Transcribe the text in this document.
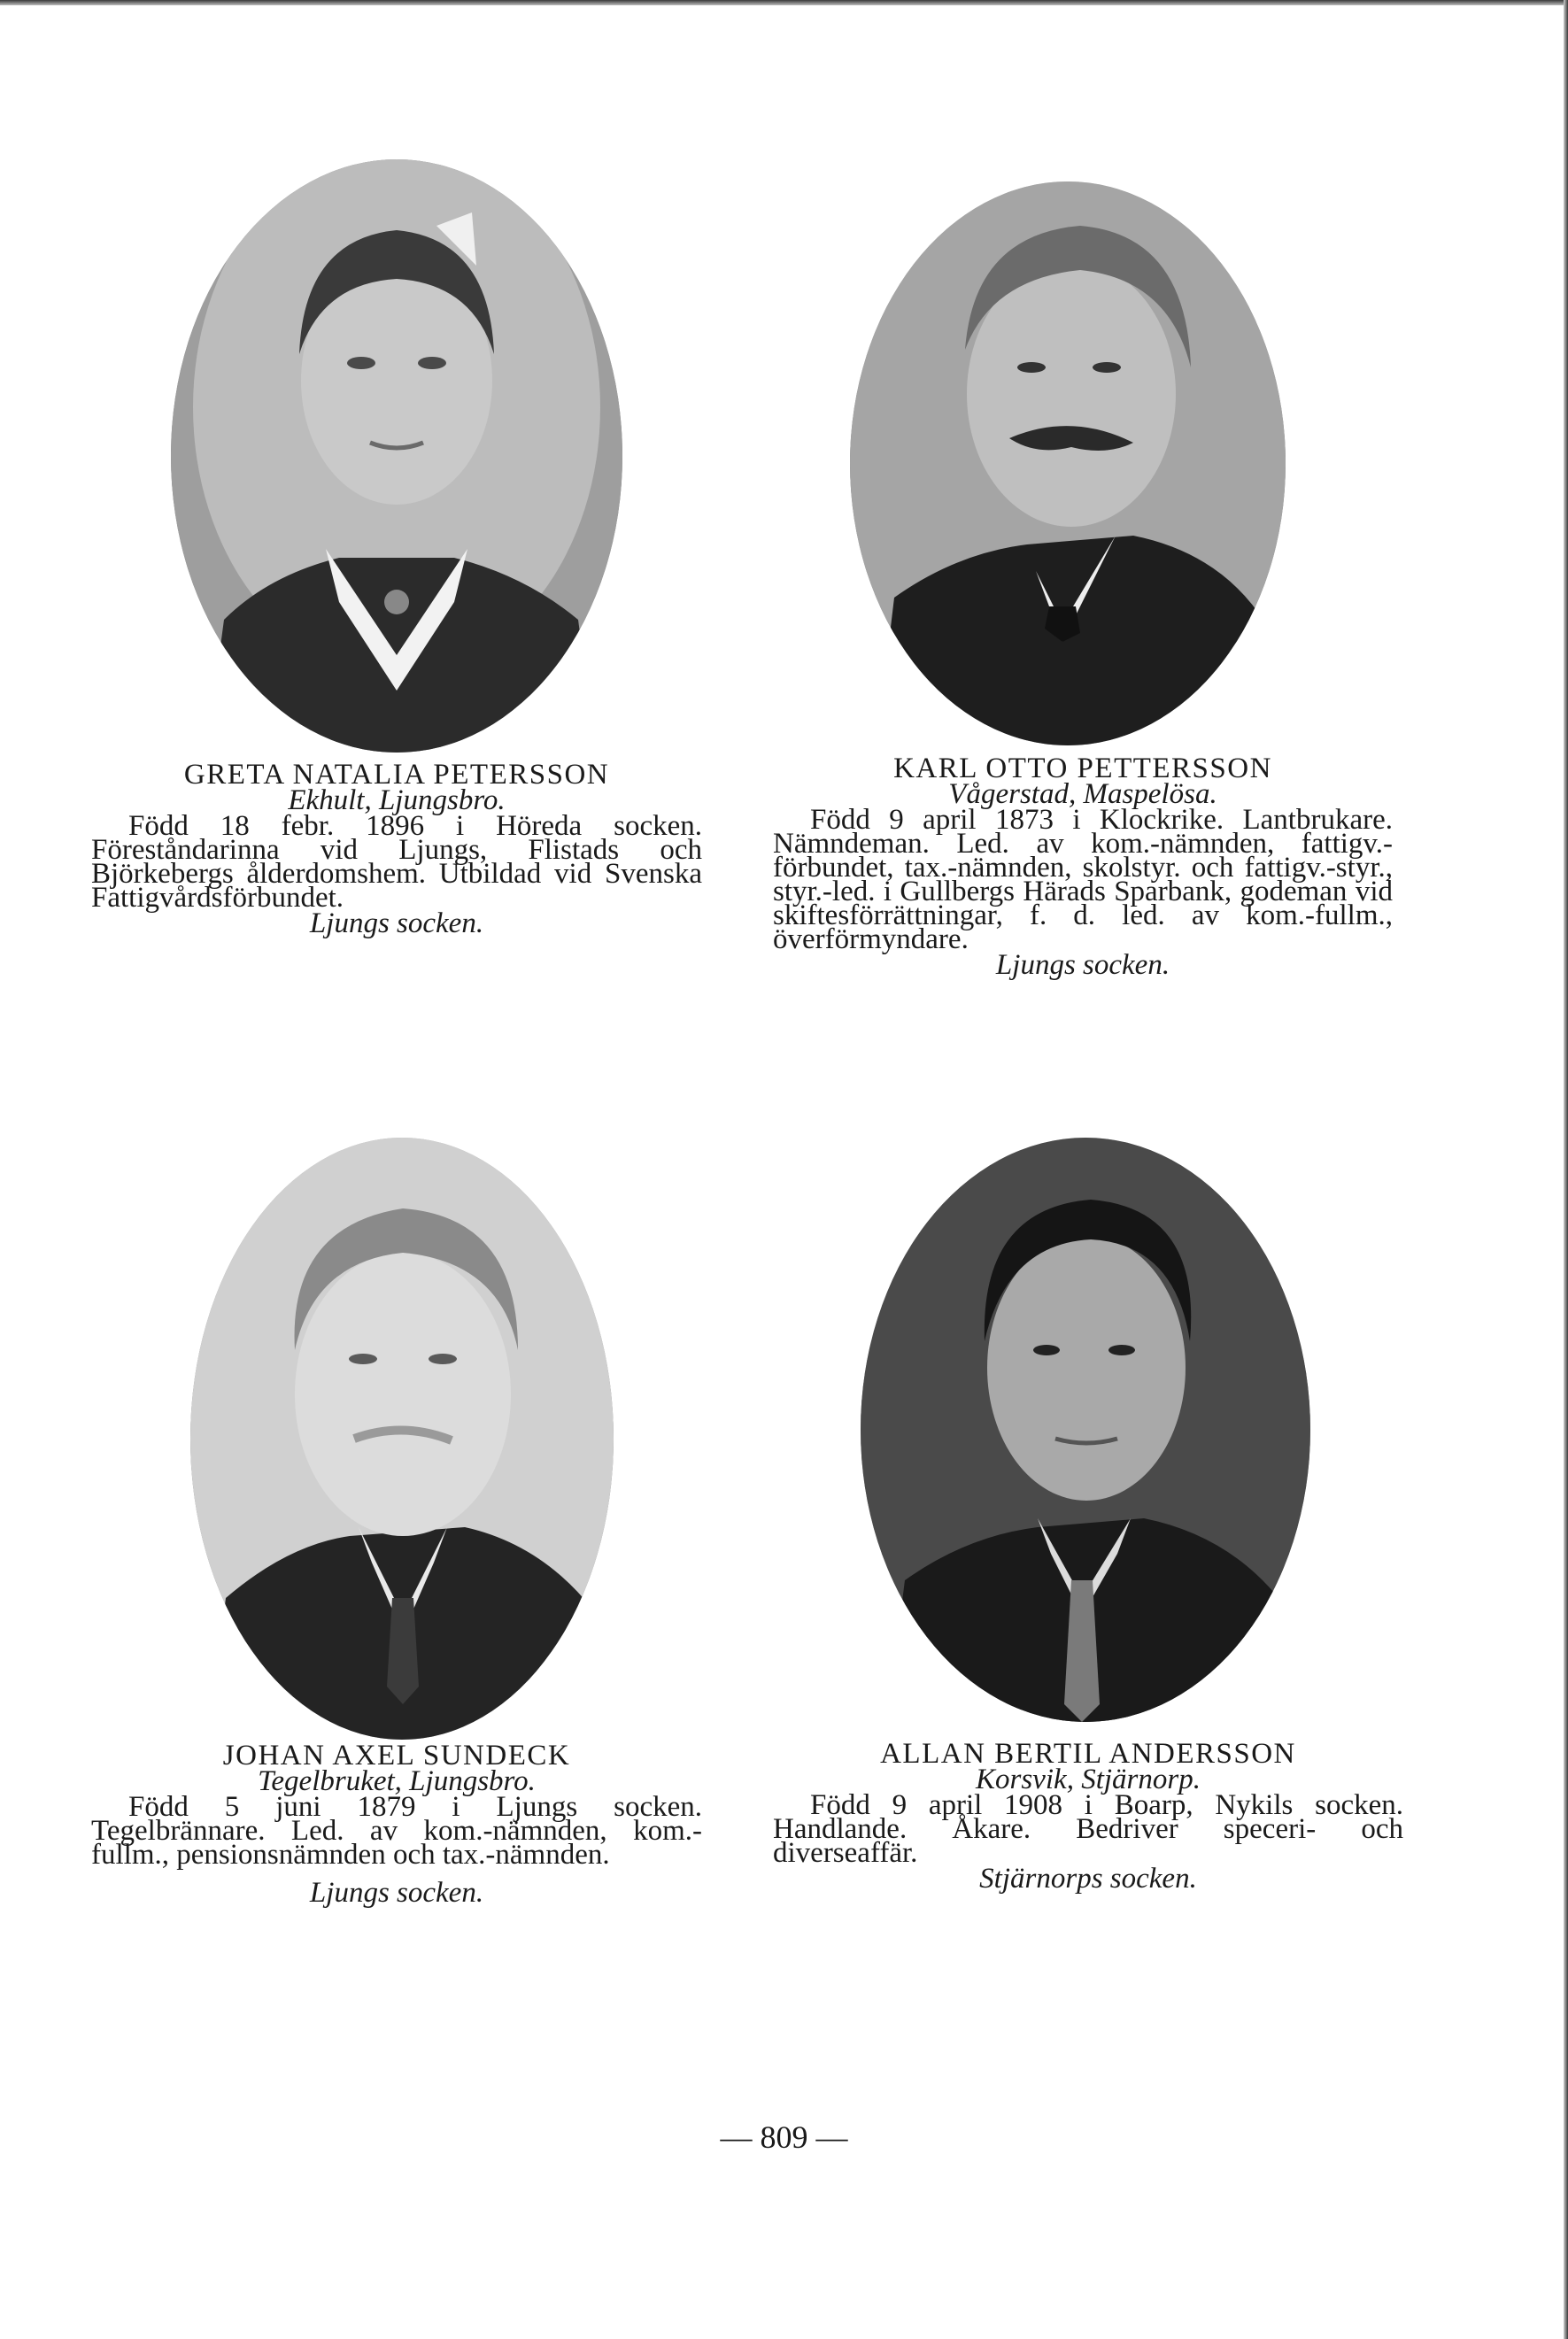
GRETA NATALIA PETERSSON
Ekhult, Ljungsbro.
Född 18 febr. 1896 i Höreda socken. Föreståndarinna vid Ljungs, Flistads och Björkebergs ålderdomshem. Utbildad vid Svenska Fattigvårdsförbundet.
Ljungs socken.
KARL OTTO PETTERSSON
Vågerstad, Maspelösa.
Född 9 april 1873 i Klockrike. Lantbrukare. Nämndeman. Led. av kom.-nämnden, fattigv.-förbundet, tax.-nämnden, skolstyr. och fattigv.-styr., styr.-led. i Gullbergs Härads Sparbank, godeman vid skiftesförrättningar, f. d. led. av kom.-fullm., överförmyndare.
Ljungs socken.
JOHAN AXEL SUNDECK
Tegelbruket, Ljungsbro.
Född 5 juni 1879 i Ljungs socken. Tegelbrännare. Led. av kom.-nämnden, kom.-fullm., pensionsnämnden och tax.-nämnden.
Ljungs socken.
ALLAN BERTIL ANDERSSON
Korsvik, Stjärnorp.
Född 9 april 1908 i Boarp, Nykils socken. Handlande. Åkare. Bedriver speceri- och diverseaffär.
Stjärnorps socken.
— 809 —
